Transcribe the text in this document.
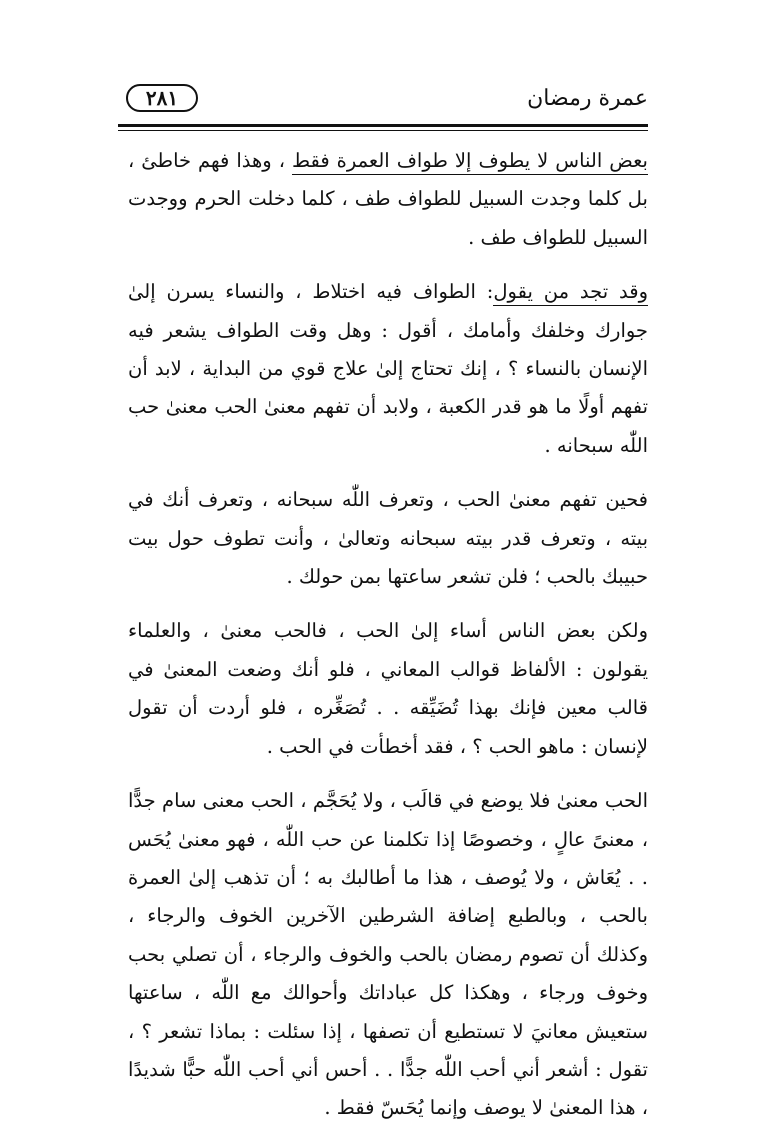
عمرة رمضان
٢٨١

بعض الناس لا يطوف إلا طواف العمرة فقط ، وهذا فهم خاطئ ، بل كلما وجدت السبيل للطواف طف ، كلما دخلت الحرم ووجدت السبيل للطواف طف .

وقد تجد من يقول: الطواف فيه اختلاط ، والنساء يسرن إلىٰ جوارك وخلفك وأمامك ، أقول : وهل وقت الطواف يشعر فيه الإنسان بالنساء ؟ ، إنك تحتاج إلىٰ علاج قوي من البداية ، لابد أن تفهم أولًا ما هو قدر الكعبة ، ولابد أن تفهم معنىٰ الحب معنىٰ حب اللّٰه سبحانه .

فحين تفهم معنىٰ الحب ، وتعرف اللّٰه سبحانه ، وتعرف أنك في بيته ، وتعرف قدر بيته سبحانه وتعالىٰ ، وأنت تطوف حول بيت حبيبك بالحب ؛ فلن تشعر ساعتها بمن حولك .

ولكن بعض الناس أساء إلىٰ الحب ، فالحب معنىٰ ، والعلماء يقولون : الألفاظ قوالب المعاني ، فلو أنك وضعت المعنىٰ في قالب معين فإنك بهذا تُضَيِّقه . . تُصَغِّره ، فلو أردت أن تقول لإنسان : ماهو الحب ؟ ، فقد أخطأت في الحب .

الحب معنىٰ فلا يوضع في قالَب ، ولا يُحَجَّم ، الحب معنى سام جدًّا ، معنىً عالٍ ، وخصوصًا إذا تكلمنا عن حب اللّٰه ، فهو معنىٰ يُحَس . . يُعَاش ، ولا يُوصف ، هذا ما أطالبك به ؛ أن تذهب إلىٰ العمرة بالحب ، وبالطبع إضافة الشرطين الآخرين الخوف والرجاء ، وكذلك أن تصوم رمضان بالحب والخوف والرجاء ، أن تصلي بحب وخوف ورجاء ، وهكذا كل عباداتك وأحوالك مع اللّٰه ، ساعتها ستعيش معانيَ لا تستطيع أن تصفها ، إذا سئلت : بماذا تشعر ؟ ، تقول : أشعر أني أحب اللّٰه جدًّا . . أحس أني أحب اللّٰه حبًّا شديدًا ، هذا المعنىٰ لا يوصف وإنما يُحَسّ فقط .
